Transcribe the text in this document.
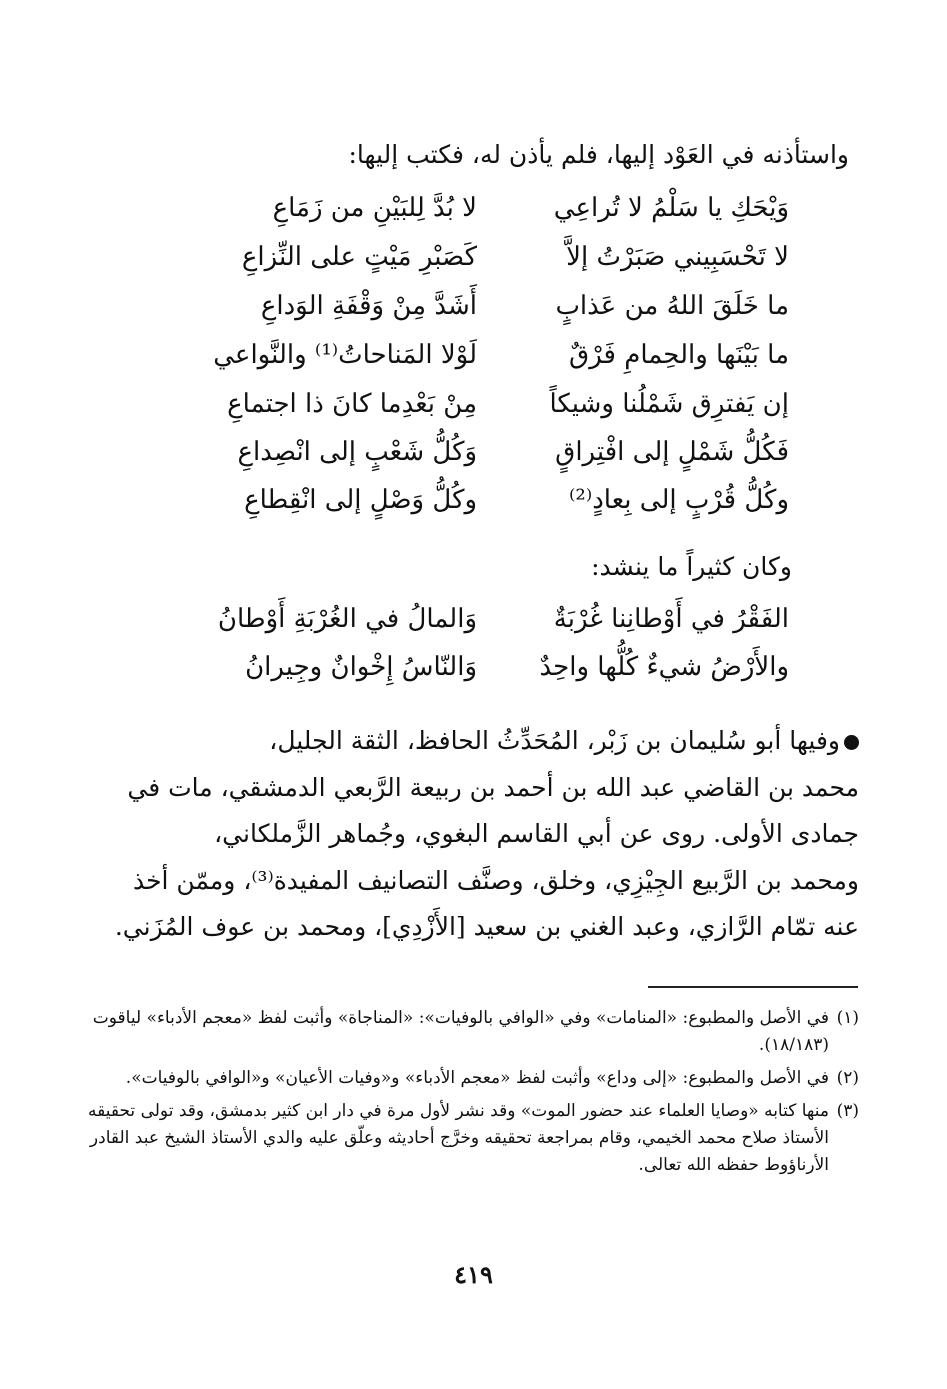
واستأذنه في العَوْد إليها، فلم يأذن له، فكتب إليها:
وَيْحَكِ يا سَلْمُ لا تُراعِي
لا بُدَّ لِلبَيْنِ من زَمَاعِ
لا تَحْسَبِيني صَبَرْتُ إلاَّ
كَصَبْرِ مَيْتٍ على النِّزاعِ
ما خَلَقَ اللهُ من عَذابٍ
أَشَدَّ مِنْ وَقْفَةِ الوَداعِ
ما بَيْنَها والحِمامِ فَرْقٌ
لَوْلا المَناحاتُ⁽¹⁾ والنَّواعي
إن يَفترِق شَمْلُنا وشيكاً
مِنْ بَعْدِما كانَ ذا اجتماعِ
فَكُلُّ شَمْلٍ إلى افْتِراقٍ
وَكُلُّ شَعْبٍ إلى انْصِداعِ
وكُلُّ قُرْبٍ إلى بِعادٍ⁽²⁾
وكُلُّ وَصْلٍ إلى انْقِطاعِ
وكان كثيراً ما ينشد:
الفَقْرُ في أَوْطانِنا غُرْبَةٌ
وَالمالُ في الغُرْبَةِ أَوْطانُ
والأَرْضُ شيءٌ كُلُّها واحِدٌ
وَالنّاسُ إِخْوانٌ وجِيرانُ
وفيها أبو سُليمان بن زَبْر، المُحَدِّثُ الحافظ، الثقة الجليل،
محمد بن القاضي عبد الله بن أحمد بن ربيعة الرَّبعي الدمشقي، مات في
جمادى الأولى. روى عن أبي القاسم البغوي، وجُماهر الزَّملكاني،
ومحمد بن الرَّبيع الجِيْزِي، وخلق، وصنَّف التصانيف المفيدة⁽³⁾، وممّن أخذ
عنه تمّام الرَّازي، وعبد الغني بن سعيد [الأَزْدِي]، ومحمد بن عوف المُزَني.
(١)
في الأصل والمطبوع: «المنامات» وفي «الوافي بالوفيات»: «المناجاة» وأثبت لفظ «معجم الأدباء» لياقوت (١٨/١٨٣).
(٢)
في الأصل والمطبوع: «إلى وداع» وأثبت لفظ «معجم الأدباء» و«وفيات الأعيان» و«الوافي بالوفيات».
(٣)
منها كتابه «وصايا العلماء عند حضور الموت» وقد نشر لأول مرة في دار ابن كثير بدمشق، وقد تولى تحقيقه الأستاذ صلاح محمد الخيمي، وقام بمراجعة تحقيقه وخرَّج أحاديثه وعلّق عليه والدي الأستاذ الشيخ عبد القادر الأرناؤوط حفظه الله تعالى.
٤١٩
